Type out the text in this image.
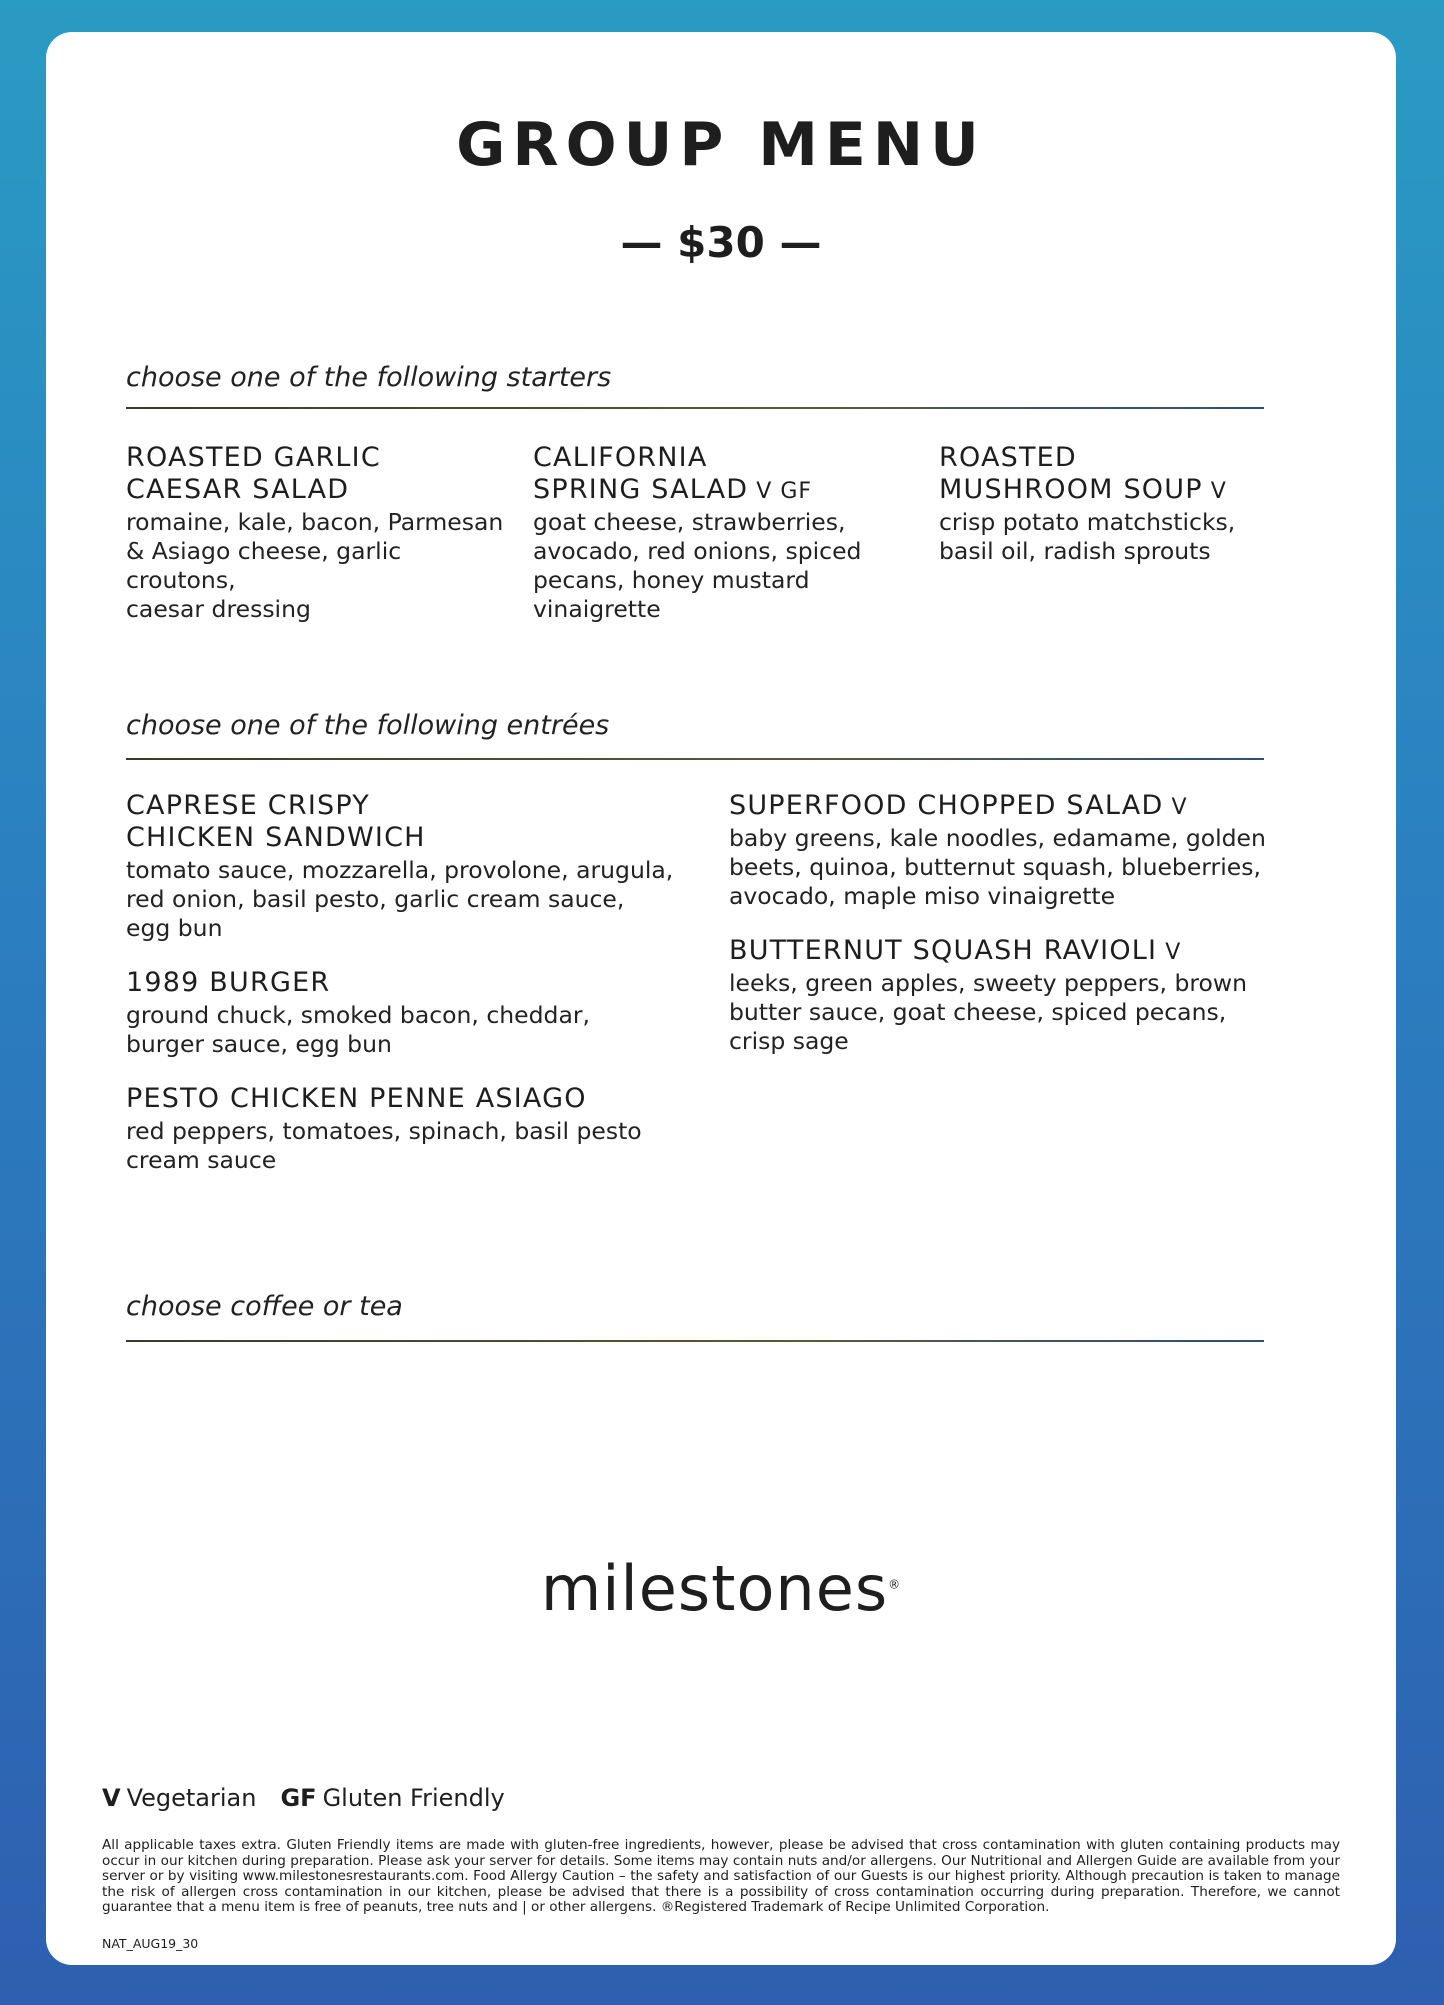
GROUP MENU
— $30 —
choose one of the following starters
ROASTED GARLIC
CAESAR SALAD
romaine, kale, bacon, Parmesan
& Asiago cheese, garlic croutons,
caesar dressing
CALIFORNIA
SPRING SALAD V GF
goat cheese, strawberries,
avocado, red onions, spiced
pecans, honey mustard
vinaigrette
ROASTED
MUSHROOM SOUP V
crisp potato matchsticks,
basil oil, radish sprouts
choose one of the following entrées
CAPRESE CRISPY
CHICKEN SANDWICH
tomato sauce, mozzarella, provolone, arugula,
red onion, basil pesto, garlic cream sauce,
egg bun
1989 BURGER
ground chuck, smoked bacon, cheddar,
burger sauce, egg bun
PESTO CHICKEN PENNE ASIAGO
red peppers, tomatoes, spinach, basil pesto
cream sauce
SUPERFOOD CHOPPED SALAD V
baby greens, kale noodles, edamame, golden
beets, quinoa, butternut squash, blueberries,
avocado, maple miso vinaigrette
BUTTERNUT SQUASH RAVIOLI V
leeks, green apples, sweety peppers, brown
butter sauce, goat cheese, spiced pecans,
crisp sage
choose coffee or tea
milestones®
V Vegetarian GF Gluten Friendly
All applicable taxes extra. Gluten Friendly items are made with gluten-free ingredients, however, please be advised that cross contamination with gluten containing products may occur in our kitchen during preparation. Please ask your server for details. Some items may contain nuts and/or allergens. Our Nutritional and Allergen Guide are available from your server or by visiting www.milestonesrestaurants.com. Food Allergy Caution – the safety and satisfaction of our Guests is our highest priority. Although precaution is taken to manage the risk of allergen cross contamination in our kitchen, please be advised that there is a possibility of cross contamination occurring during preparation. Therefore, we cannot guarantee that a menu item is free of peanuts, tree nuts and | or other allergens. ®Registered Trademark of Recipe Unlimited Corporation.
NAT_AUG19_30
